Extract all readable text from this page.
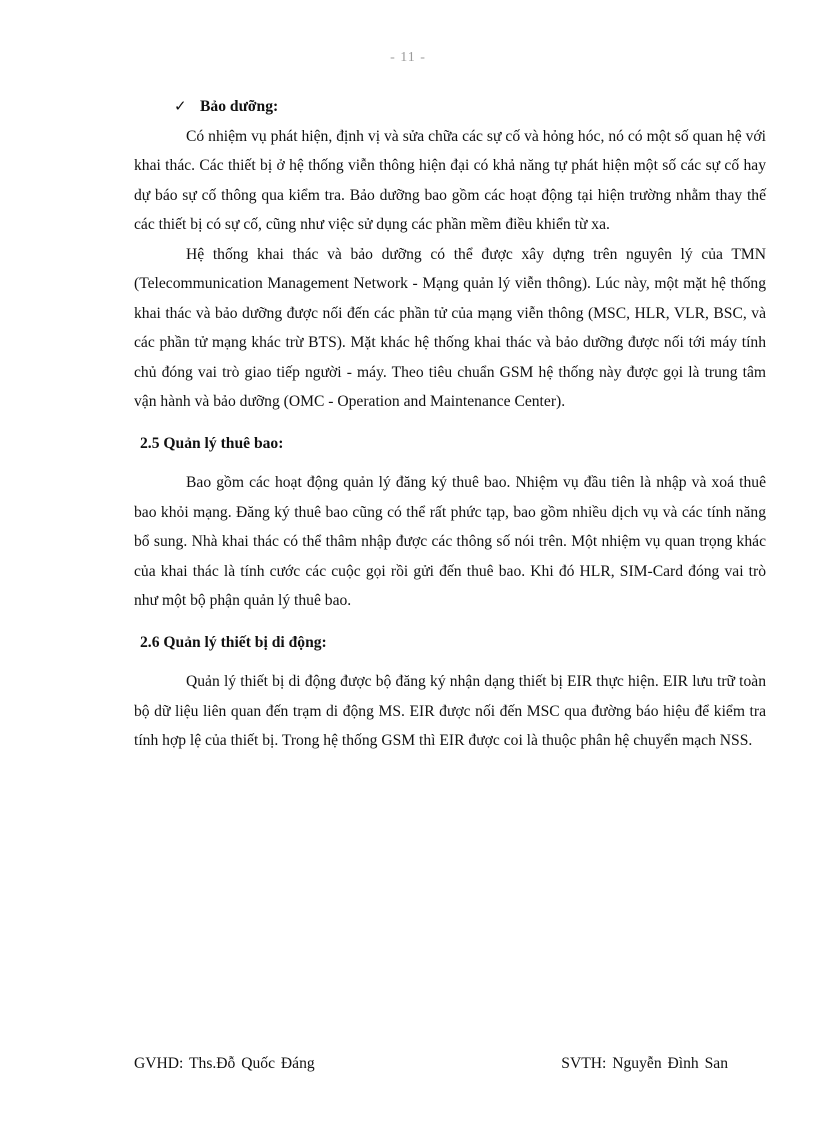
- 11 -

✓ Bảo dưỡng:

Có nhiệm vụ phát hiện, định vị và sửa chữa các sự cố và hỏng hóc, nó có một số quan hệ với khai thác. Các thiết bị ở hệ thống viễn thông hiện đại có khả năng tự phát hiện một số các sự cố hay dự báo sự cố thông qua kiểm tra. Bảo dưỡng bao gồm các hoạt động tại hiện trường nhằm thay thế các thiết bị có sự cố, cũng như việc sử dụng các phần mềm điều khiển từ xa.

Hệ thống khai thác và bảo dưỡng có thể được xây dựng trên nguyên lý của TMN (Telecommunication Management Network - Mạng quản lý viễn thông). Lúc này, một mặt hệ thống khai thác và bảo dưỡng được nối đến các phần tử của mạng viễn thông (MSC, HLR, VLR, BSC, và các phần tử mạng khác trừ BTS). Mặt khác hệ thống khai thác và bảo dưỡng được nối tới máy tính chủ đóng vai trò giao tiếp người - máy. Theo tiêu chuẩn GSM hệ thống này được gọi là trung tâm vận hành và bảo dưỡng (OMC - Operation and Maintenance Center).

2.5 Quản lý thuê bao:

Bao gồm các hoạt động quản lý đăng ký thuê bao. Nhiệm vụ đầu tiên là nhập và xoá thuê bao khỏi mạng. Đăng ký thuê bao cũng có thể rất phức tạp, bao gồm nhiều dịch vụ và các tính năng bổ sung. Nhà khai thác có thể thâm nhập được các thông số nói trên. Một nhiệm vụ quan trọng khác của khai thác là tính cước các cuộc gọi rồi gửi đến thuê bao. Khi đó HLR, SIM-Card đóng vai trò như một bộ phận quản lý thuê bao.

2.6 Quản lý thiết bị di động:

Quản lý thiết bị di động được bộ đăng ký nhận dạng thiết bị EIR thực hiện. EIR lưu trữ toàn bộ dữ liệu liên quan đến trạm di động MS. EIR được nối đến MSC qua đường báo hiệu để kiểm tra tính hợp lệ của thiết bị. Trong hệ thống GSM thì EIR được coi là thuộc phân hệ chuyển mạch NSS.

GVHD: Ths.Đỗ Quốc Đáng	SVTH: Nguyễn Đình San
